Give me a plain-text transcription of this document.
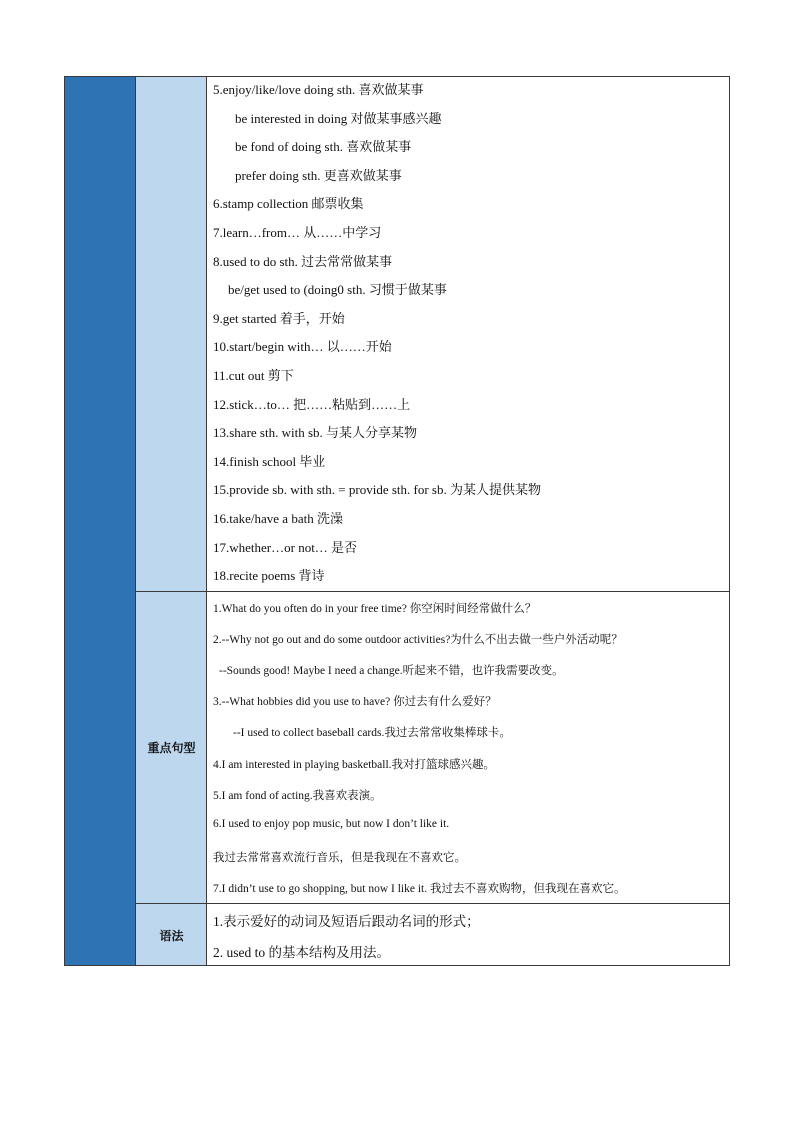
5.enjoy/like/love doing sth. 喜欢做某事
be interested in doing 对做某事感兴趣
be fond of doing sth. 喜欢做某事
prefer doing sth. 更喜欢做某事
6.stamp collection 邮票收集
7.learn…from… 从……中学习
8.used to do sth. 过去常常做某事
be/get used to (doing0 sth. 习惯于做某事
9.get started 着手，开始
10.start/begin with… 以……开始
11.cut out 剪下
12.stick…to… 把……粘贴到……上
13.share sth. with sb. 与某人分享某物
14.finish school 毕业
15.provide sb. with sth. = provide sth. for sb. 为某人提供某物
16.take/have a bath 洗澡
17.whether…or not… 是否
18.recite poems 背诗
重点句型
1.What do you often do in your free time? 你空闲时间经常做什么？
2.--Why not go out and do some outdoor activities?为什么不出去做一些户外活动呢？
--Sounds good! Maybe I need a change.听起来不错，也许我需要改变。
3.--What hobbies did you use to have? 你过去有什么爱好？
--I used to collect baseball cards.我过去常常收集棒球卡。
4.I am interested in playing basketball.我对打篮球感兴趣。
5.I am fond of acting.我喜欢表演。
6.I used to enjoy pop music, but now I don’t like it.
我过去常常喜欢流行音乐，但是我现在不喜欢它。
7.I didn’t use to go shopping, but now I like it. 我过去不喜欢购物，但我现在喜欢它。
语法
1.表示爱好的动词及短语后跟动名词的形式；
2. used to 的基本结构及用法。
